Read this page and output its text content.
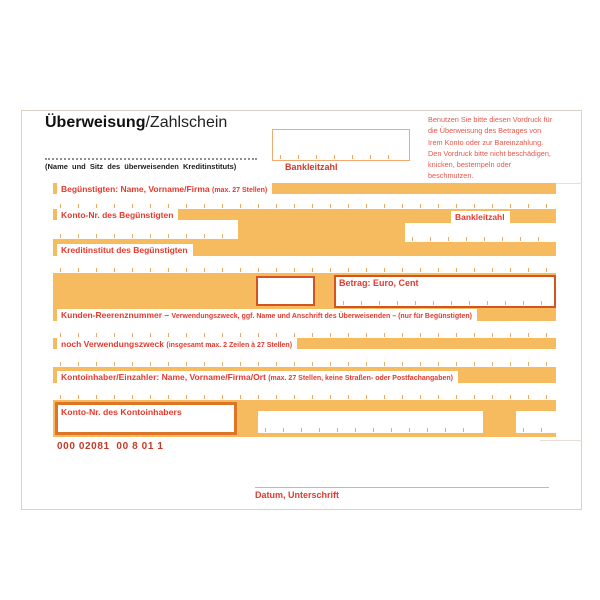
Überweisung/Zahlschein
(Name und Sitz des überweisenden Kreditinstituts)	Bankleitzahl
Benutzen Sie bitte diesen Vordruck für
die Überweisung des Betrages von
Irem Konto oder zur Bareinzahlung.
Den Vordruck bitte nicht beschädigen,
knicken, bestempeln oder
beschmutzen.
Begünstigten: Name, Vorname/Firma (max. 27 Stellen)
Konto-Nr. des Begünstigten	Bankleitzahl
Kreditinstitut des Begünstigten
Betrag: Euro, Cent
Kunden-Reerenznummer – Verwendungszweck, ggf. Name und Anschrift des Überweisenden – (nur für Begünstigten)
noch Verwendungszweck (insgesamt max. 2 Zeilen à 27 Stellen)
Kontoinhaber/Einzahler: Name, Vorname/Firma/Ort (max. 27 Stellen, keine Straßen- oder Postfachangaben)
Konto-Nr. des Kontoinhabers
000 02081  00 8 01 1
Datum, Unterschrift
